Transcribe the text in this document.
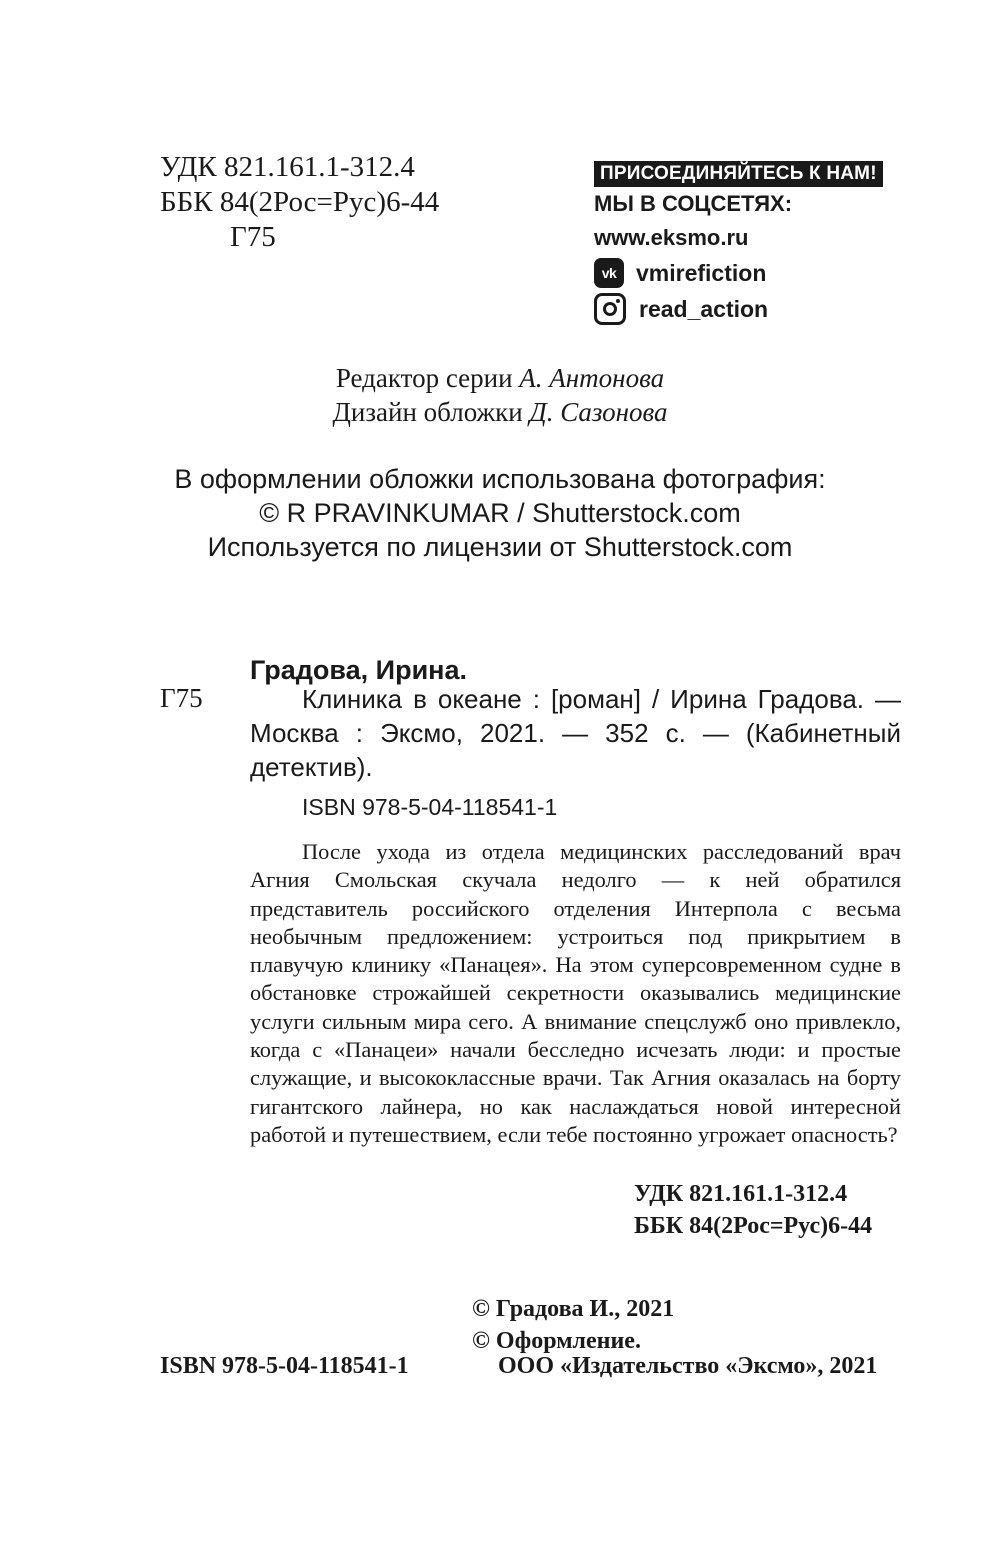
УДК 821.161.1-312.4
ББК 84(2Рос=Рус)6-44
Г75
ПРИСОЕДИНЯЙТЕСЬ К НАМ!
МЫ В СОЦСЕТЯХ:
www.eksmo.ru
vk vmirefiction
read_action
Редактор серии А. Антонова
Дизайн обложки Д. Сазонова
В оформлении обложки использована фотография:
© R PRAVINKUMAR / Shutterstock.com
Используется по лицензии от Shutterstock.com
Градова, Ирина.
Г75	Клиника в океане : [роман] / Ирина Градова. — Москва : Эксмо, 2021. — 352 с. — (Кабинетный детектив).
ISBN 978-5-04-118541-1
После ухода из отдела медицинских расследований врач Агния Смольская скучала недолго — к ней обратился представитель российского отделения Интерпола с весьма необычным предложением: устроиться под прикрытием в плавучую клинику «Панацея». На этом суперсовременном судне в обстановке строжайшей секретности оказывались медицинские услуги сильным мира сего. А внимание спецслужб оно привлекло, когда с «Панацеи» начали бесследно исчезать люди: и простые служащие, и высококлассные врачи. Так Агния оказалась на борту гигантского лайнера, но как наслаждаться новой интересной работой и путешествием, если тебе постоянно угрожает опасность?
УДК 821.161.1-312.4
ББК 84(2Рос=Рус)6-44
© Градова И., 2021
© Оформление.
ISBN 978-5-04-118541-1	ООО «Издательство «Эксмо», 2021
